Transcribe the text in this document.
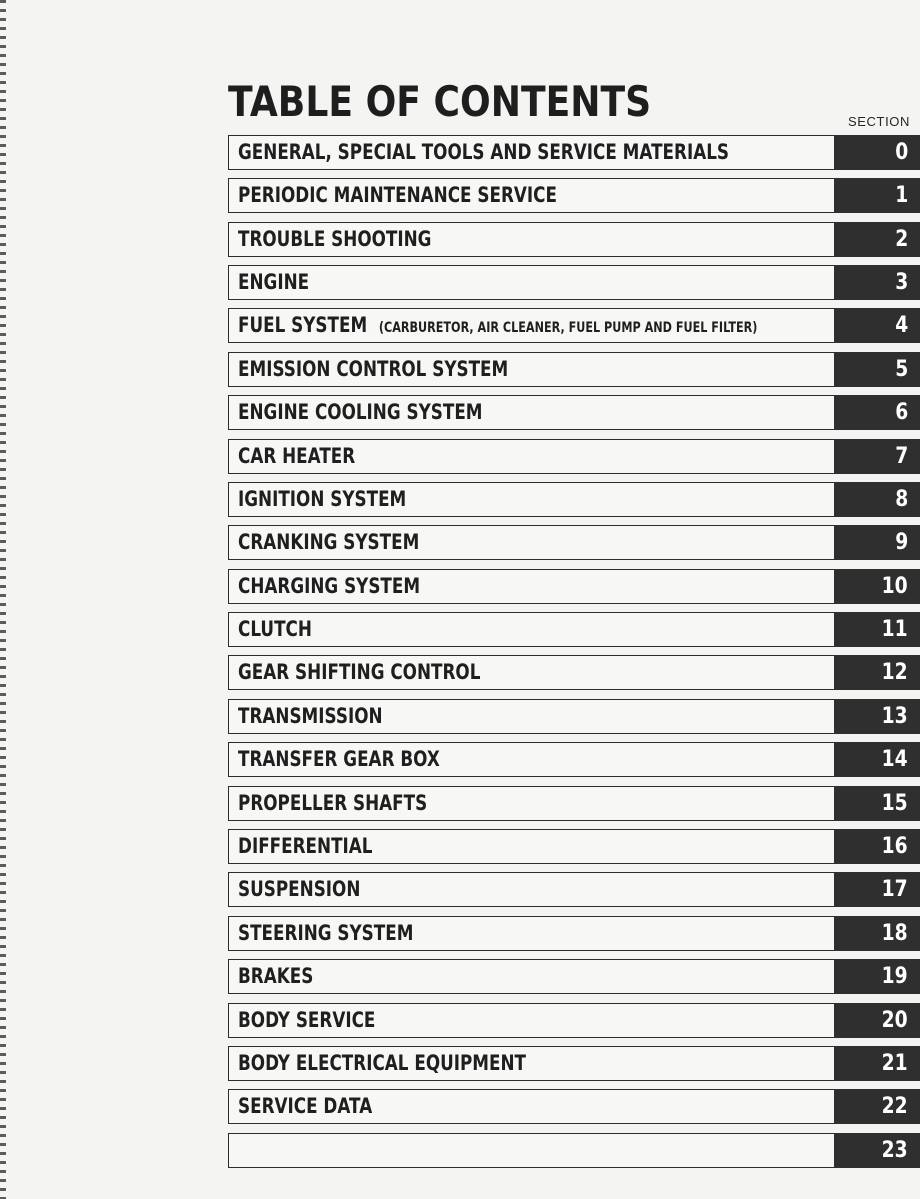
TABLE OF CONTENTS	SECTION
GENERAL, SPECIAL TOOLS AND SERVICE MATERIALS	0
PERIODIC MAINTENANCE SERVICE	1
TROUBLE SHOOTING	2
ENGINE	3
FUEL SYSTEM (CARBURETOR, AIR CLEANER, FUEL PUMP AND FUEL FILTER)	4
EMISSION CONTROL SYSTEM	5
ENGINE COOLING SYSTEM	6
CAR HEATER	7
IGNITION SYSTEM	8
CRANKING SYSTEM	9
CHARGING SYSTEM	10
CLUTCH	11
GEAR SHIFTING CONTROL	12
TRANSMISSION	13
TRANSFER GEAR BOX	14
PROPELLER SHAFTS	15
DIFFERENTIAL	16
SUSPENSION	17
STEERING SYSTEM	18
BRAKES	19
BODY SERVICE	20
BODY ELECTRICAL EQUIPMENT	21
SERVICE DATA	22
23
